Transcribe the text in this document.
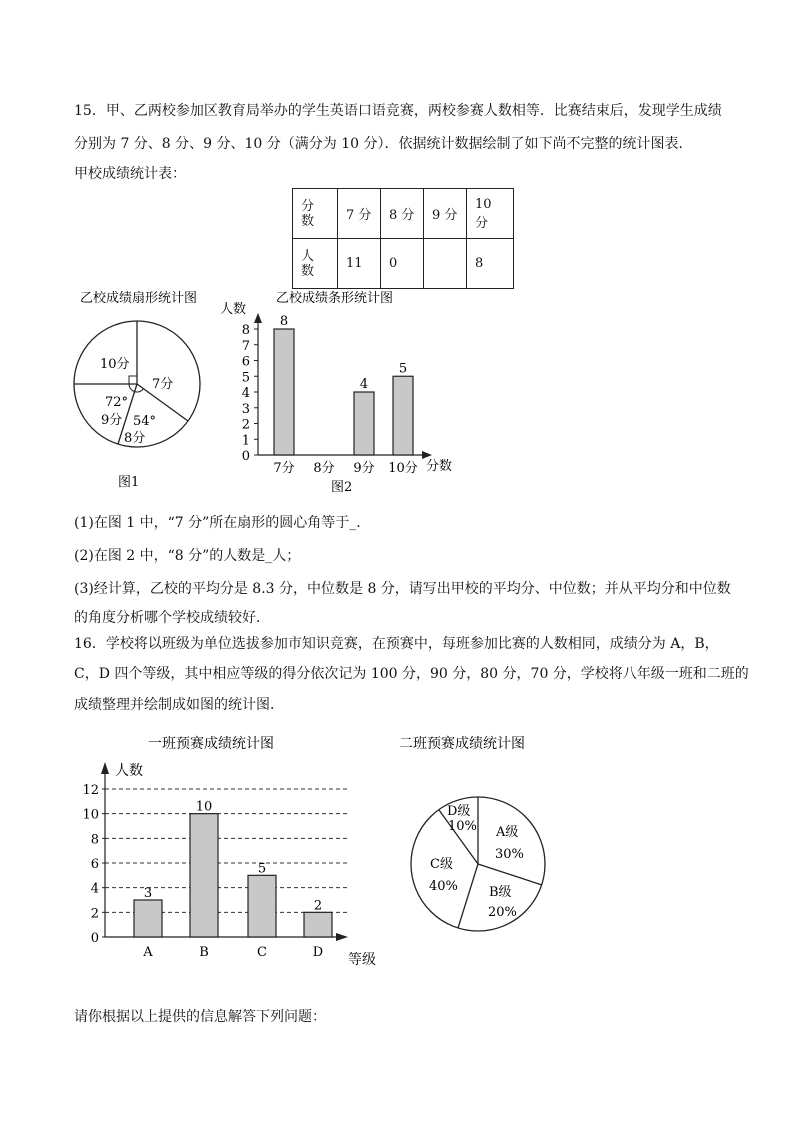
15．甲、乙两校参加区教育局举办的学生英语口语竞赛，两校参赛人数相等．比赛结束后，发现学生成绩
分别为 7 分、8 分、9 分、10 分（满分为 10 分）．依据统计数据绘制了如下尚不完整的统计图表．
甲校成绩统计表：
分
数	7 分	8 分	9 分	10 分

人
数	11	0		8
乙校成绩扇形统计图
10分
7分
72°
9分 54°
8分
图1
乙校成绩条形统计图
人数
分数
图2
0
1
2
3
4
5
6
7
8
8
7分 8分
4
9分
5
10分
(1)在图 1 中，“7 分”所在扇形的圆心角等于_.
(2)在图 2 中，“8 分”的人数是_人；
(3)经计算，乙校的平均分是 8.3 分，中位数是 8 分，请写出甲校的平均分、中位数；并从平均分和中位数
的角度分析哪个学校成绩较好．
16．学校将以班级为单位选拔参加市知识竞赛，在预赛中，每班参加比赛的人数相同，成绩分为 A，B，
C，D 四个等级，其中相应等级的得分依次记为 100 分，90 分，80 分，70 分，学校将八年级一班和二班的
成绩整理并绘制成如图的统计图．
一班预赛成绩统计图
人数
等级
0
2
4
6
8
10
12
3
A
10
B
5
C
2
D
二班预赛成绩统计图
D级
10% A级
30%
C级
40% B级
20%
请你根据以上提供的信息解答下列问题：
